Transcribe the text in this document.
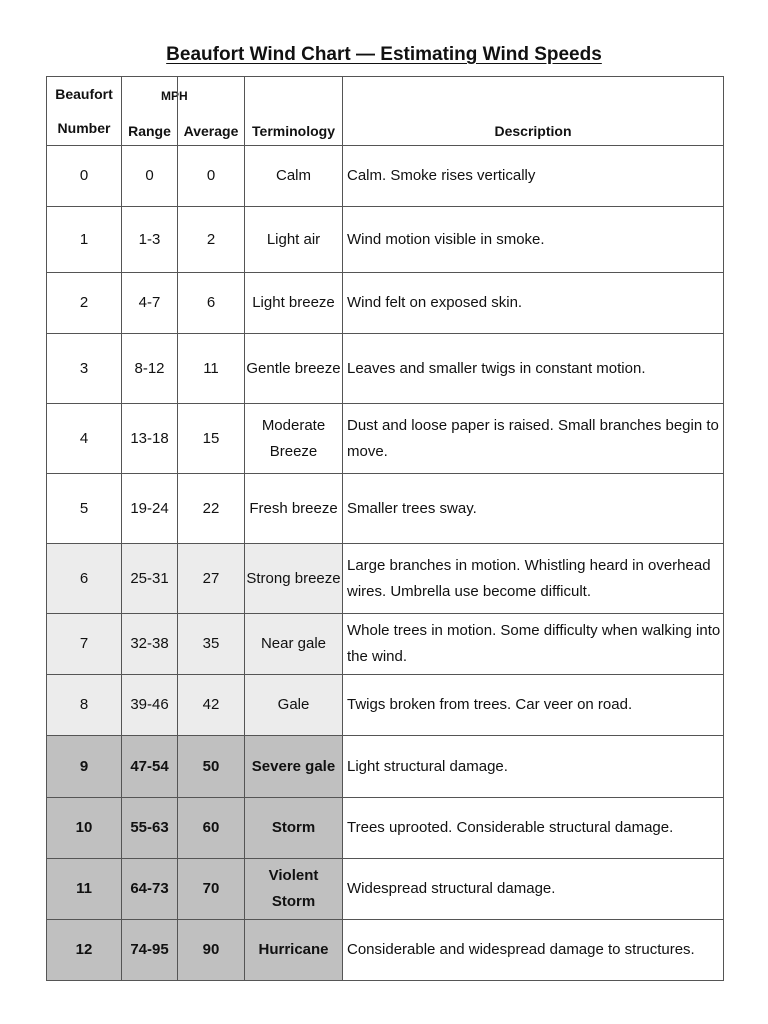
Beaufort Wind Chart — Estimating Wind Speeds
MPH
Beaufort
Number	Range	Average	Terminology	Description
0	0	0	Calm	Calm. Smoke rises vertically
1	1-3	2	Light air	Wind motion visible in smoke.
2	4-7	6	Light breeze	Wind felt on exposed skin.
3	8-12	11	Gentle breeze	Leaves and smaller twigs in constant motion.
4	13-18	15	Moderate Breeze	Dust and loose paper is raised. Small branches begin to move.
5	19-24	22	Fresh breeze	Smaller trees sway.
6	25-31	27	Strong breeze	Large branches in motion. Whistling heard in overhead wires. Umbrella use become difficult.
7	32-38	35	Near gale	Whole trees in motion. Some difficulty when walking into the wind.
8	39-46	42	Gale	Twigs broken from trees. Car veer on road.
9	47-54	50	Severe gale	Light structural damage.
10	55-63	60	Storm	Trees uprooted. Considerable structural damage.
11	64-73	70	Violent Storm	Widespread structural damage.
12	74-95	90	Hurricane	Considerable and widespread damage to structures.
